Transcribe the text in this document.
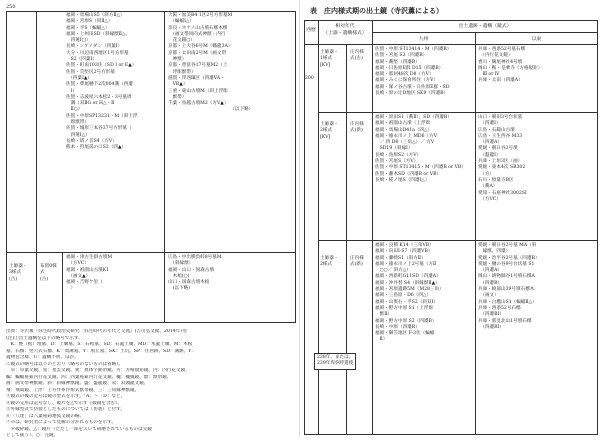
250
土師器・
3様式
(古)
布留0様
式
(古)
福岡・馬場山S5（斜方Ⅱ△）
福岡・宮原S（同Ⅱ△）
福岡・平S（蝙蝠△）
福岡・上州田SD（斜縁獣Ⅱ△、
　四蓮Ⅰ□）
長崎・シゲノダン（四葉Ⅰ）
大分・川辺南西地区1号方形墓
　S2（四葉Ⅰ）
佐賀・町南103住（SD I or E▲）
佐賀・荒堅尻2号方形墓
　（四葉Ⅰ▲）
佐賀・柴尾樋下2次004溝（西遷
　Ⅰ）
佐賀・志波屋六本松2・3号墓周
　溝（双ⅡG or H△・Ⅱ
　Ⅱ○）
佐賀・中原SP13231・M（斜上浮
　彫獣帯）
佐賀・城原三本谷37号方形墓（
　四蓮Ⅰ△）
長崎・塔ノ首S4（方V）
熊本・狩尾湯の口S2（四▲）
大阪・加美B4 1区2号方形墓M
　（蝙蝠Ⅰ△）
奈良・ホケノ山古墳石槨木槨
　（画文帯同向式神獣・内行
　花文鏡○）
京都・上大谷6号M（蟠龍3A）
京都・太田南2号M（画文帯
　神獣）
京都・豊富谷17号墓M2（上
　浮彫獣帯）
滋賀・浮西Ⅲ区（四遷VA・
　VB▲）
三重・東山古墳M（斜上浮彫
　獣帯）
千葉・鳥越古墳M2（方V▲）
　（以下略）
福岡・津古生掛古墳M
　（方VC）
福岡・祇園山古墳K1
　（画文▲）
福岡・吉野ケ里（　
　）
広島・中出勝負峠8号墓M
　（斜縁獣）
福岡・山口・国森古墳
　木棺(○)
山口・国森古墳木棺
　(以下略)
出典：寺沢薫『弥生時代政治史研究　弥生時代の年代と交流』(吉川弘文館、2014年刊)
(注)①出土遺構を以下の略号で示す。
　K：甕（棺）埋墓、D：土壙墓、S：石棺墓、SD：石蓋土壙、MD：木蓋土壙、M：木棺
墓、石槨：竪穴式石槨、K：周溝墓、Y：墳丘墓、SK：土坑、SP：住居跡、SD：溝跡、Y：
遺物包含層、U：遺構不明、ほか。
②鏡式の略号は以下のとおり（略号のないものは省略）。
　草：草葉文鏡、星：星雲文鏡、異：異体字銘帯鏡、方：方格規矩鏡、内：内行花文鏡、
蝙：蝙蝠座鈕内行花文鏡、四：四葉座鈕内行花文鏡、虁：虁鳳鏡、獣：獣帯鏡、
画：画文帯神獣鏡、斜：斜縁神獣鏡、盤：盤龍鏡、双：双頭龍文鏡、
飛：飛禽鏡、上浮：上方作系浮彫式獣帯鏡、三：三角縁神獣鏡。
③鏡式の後の記号は鏡の型式を示す。「A」～「D」など。
④鏡の完形は記号なし、破片を△で示す（破鏡を含む）。
⑤外縁型式で仿製としたものについては（仿製）と付す。
⑥「八達」は八葉座鈕連弧文鏡の略。
⑦※は、研究者によって見解の分かれるものを示す。
　＊破砕鏡、△：鏡片（ただし一部を欠いて研磨されているものは完鏡
として扱う）、○：完鏡。
表　庄内様式期の出土鏡（寺沢薫による）
西暦
相対年代
（土器・遺構様式）
出土遺跡・遺構（鏡式）
九州	以東
200
土師器・
1様式
[KV]
庄内様
式(古)
佐賀・中原 ST13414・M（四遷B）
佐賀・宮尾 S3（四遷B）
福岡・蕎堅（四遷B）
福岡・日佐原E群 D15（四遷B）
福岡・那珂48次 D8（方V）
福岡・みくに保育所住（方V）
福岡・塚ノ谷古墳・日佐原E群・SD
長崎・原の辻D地区 SK9（四遷B）
兵庫・西条52号墓石槨
　（内行花文鏡）
香川・鶴尾神社4号墳
岡山・鞍・是乗寺（方格規矩）
　Ⅲ or Ⅳ
兵庫・太田（四遷A）
土師器・
2様式
[KV]
庄内様
式(新)
福岡・原田S1（蕎Ⅱ）、SD（四遷B）
福岡・祇園山古墳（上浮彫
福岡・馬場山D41a（四△）
福岡・徳永川ノ上 MD6（方V
　／ 四 D8（三角△）／ 方V
　SD19（斜縁Ⅰ）
長崎・島原S2（方V）
佐賀・宮尾S（方V）
佐賀・中原 ST13415・M（四遷B or VB）
佐賀・藤木SD（四遷B or VB）
長崎・椛ノ尾S（四遷Ⅰ△）
山口・朝田3号台状墓
　（四遷Ⅰ）
広島・石鎚山古墳
広島・王生西谷 M33
　（四遷A）
愛媛・朝日谷2号墳
　（盤龍Ⅰ）
兵庫・上垣3区（画）
愛媛・東本4次 SB302
　（方）
石川・無量寺B区
　（蕎A）
愛知・石座神社3002SI
　（方VC）
土師器・
2様式
庄内様
式(新)
福岡・良積 K14（三角VB）
福岡・向田Ⅰ-S7（四遷VB）
福岡・藤崎S1（斜方Ⅱ）
福岡・徳永川ノ上2号墓（方Ⅱ
　○○／ 斜方△）
福岡・西新町G11SD（四遷A）
福岡・沖井替 S4（斜縁獣Ⅱ▲）
福岡・宮原遺跡5M（M28三角）
福岡・三島原・D6（四△）
福岡・山奥右・平S2（斜双Ⅰ）
福岡・野方中原 S1（上浮彫
　獣Ⅱ）
福岡・野方中原 S2（四遷B）
長崎・中原（四遷B）
福岡・御笠地区 F-3住（蝙蝠
　Ⅱ）
愛媛・朝日谷2号墓 MA（斜
　縁獣、四遷）
愛媛・治平谷3号墓（四遷B）
愛媛・樋の谷9号台状墓 S1
　（四遷A）
岡山・鋳物師谷1号墳石槨A
　（四遷B）
兵庫・綾部山39号墳石槨木
　（画文）
兵庫・白鷹山S1（蝙蝠Ⅱ△）
兵庫・西条52号石槨
　（四遷BⅠ）
兵庫・那見北山1号墳石槨
　（四遷BⅠ）
238年、または、
239年卑弥呼遣使
